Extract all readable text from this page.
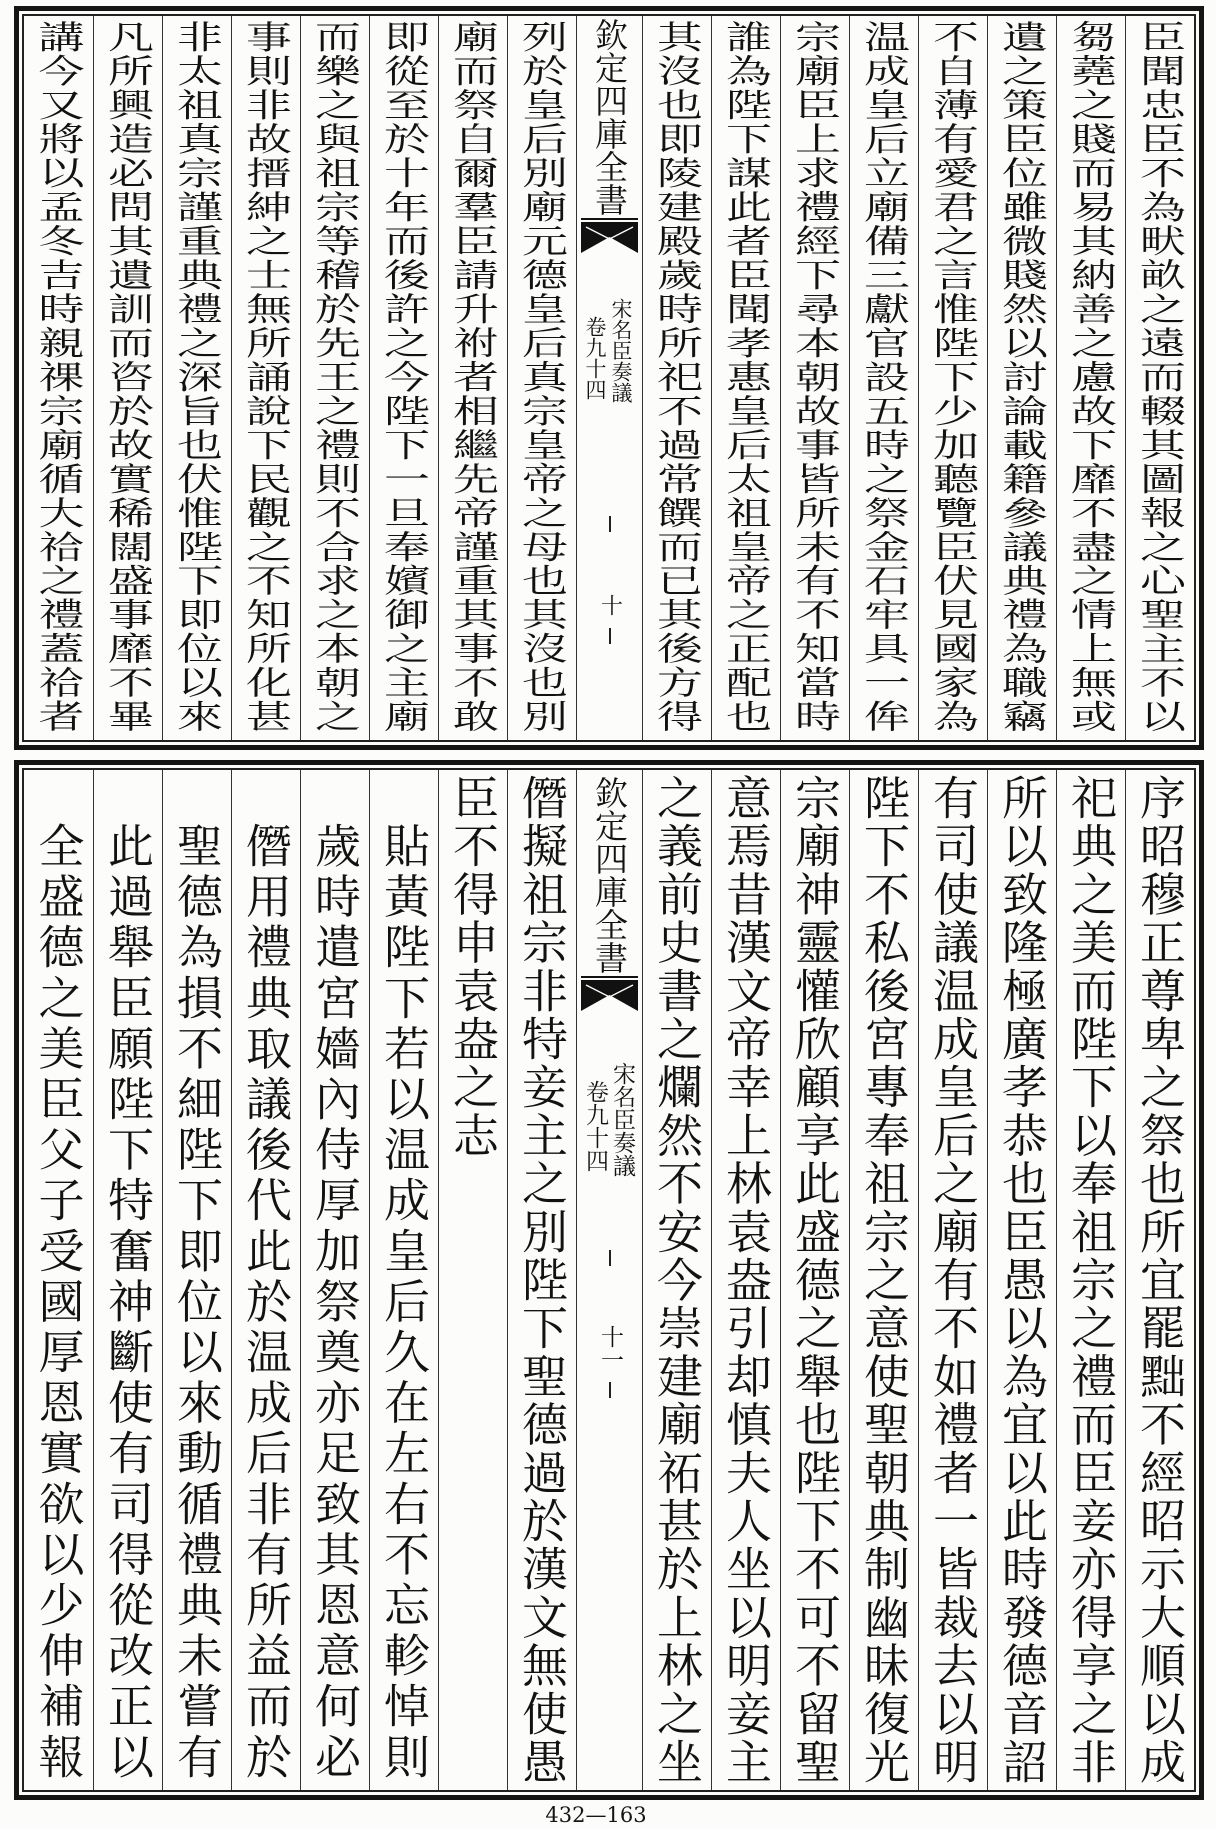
臣聞忠臣不為畎畝之遠而輟其圖報之心聖主不以
芻蕘之賤而易其納善之慮故下靡不盡之情上無或
遺之策臣位雖微賤然以討論載籍參議典禮為職竊
不自薄有愛君之言惟陛下少加聽覽臣伏見國家為
温成皇后立廟備三獻官設五時之祭金石牢具一侔
宗廟臣上求禮經下尋本朝故事皆所未有不知當時
誰為陛下謀此者臣聞孝惠皇后太祖皇帝之正配也
其沒也即陵建殿歲時所祀不過常饌而已其後方得
欽定四庫全書
宋名臣奏議
卷九十四
十
列於皇后別廟元德皇后真宗皇帝之母也其沒也別
廟而祭自爾羣臣請升祔者相繼先帝謹重其事不敢
即從至於十年而後許之今陛下一旦奉嬪御之主廟
而樂之與祖宗等稽於先王之禮則不合求之本朝之
事則非故搢紳之士無所誦說下民觀之不知所化甚
非太祖真宗謹重典禮之深旨也伏惟陛下即位以來
凡所興造必問其遺訓而咨於故實稀闊盛事靡不畢
講今又將以孟冬吉時親祼宗廟循大祫之禮蓋祫者
序昭穆正尊卑之祭也所宜罷黜不經昭示大順以成
祀典之美而陛下以奉祖宗之禮而臣妾亦得享之非
所以致隆極廣孝恭也臣愚以為宜以此時發德音詔
有司使議温成皇后之廟有不如禮者一皆裁去以明
陛下不私後宮專奉祖宗之意使聖朝典制幽昧復光
宗廟神靈懽欣顧享此盛德之舉也陛下不可不留聖
意焉昔漢文帝幸上林袁盎引却慎夫人坐以明妾主
之義前史書之爛然不安今崇建廟祏甚於上林之坐
欽定四庫全書
宋名臣奏議
卷九十四
十一
僭擬祖宗非特妾主之別陛下聖德過於漢文無使愚
臣不得申袁盎之志
貼黃陛下若以温成皇后久在左右不忘軫悼則
歲時遣宮嬙內侍厚加祭奠亦足致其恩意何必
僭用禮典取議後代此於温成后非有所益而於
聖德為損不細陛下即位以來動循禮典未嘗有
此過舉臣願陛下特奮神斷使有司得從改正以
全盛德之美臣父子受國厚恩實欲以少伸補報
432—163
